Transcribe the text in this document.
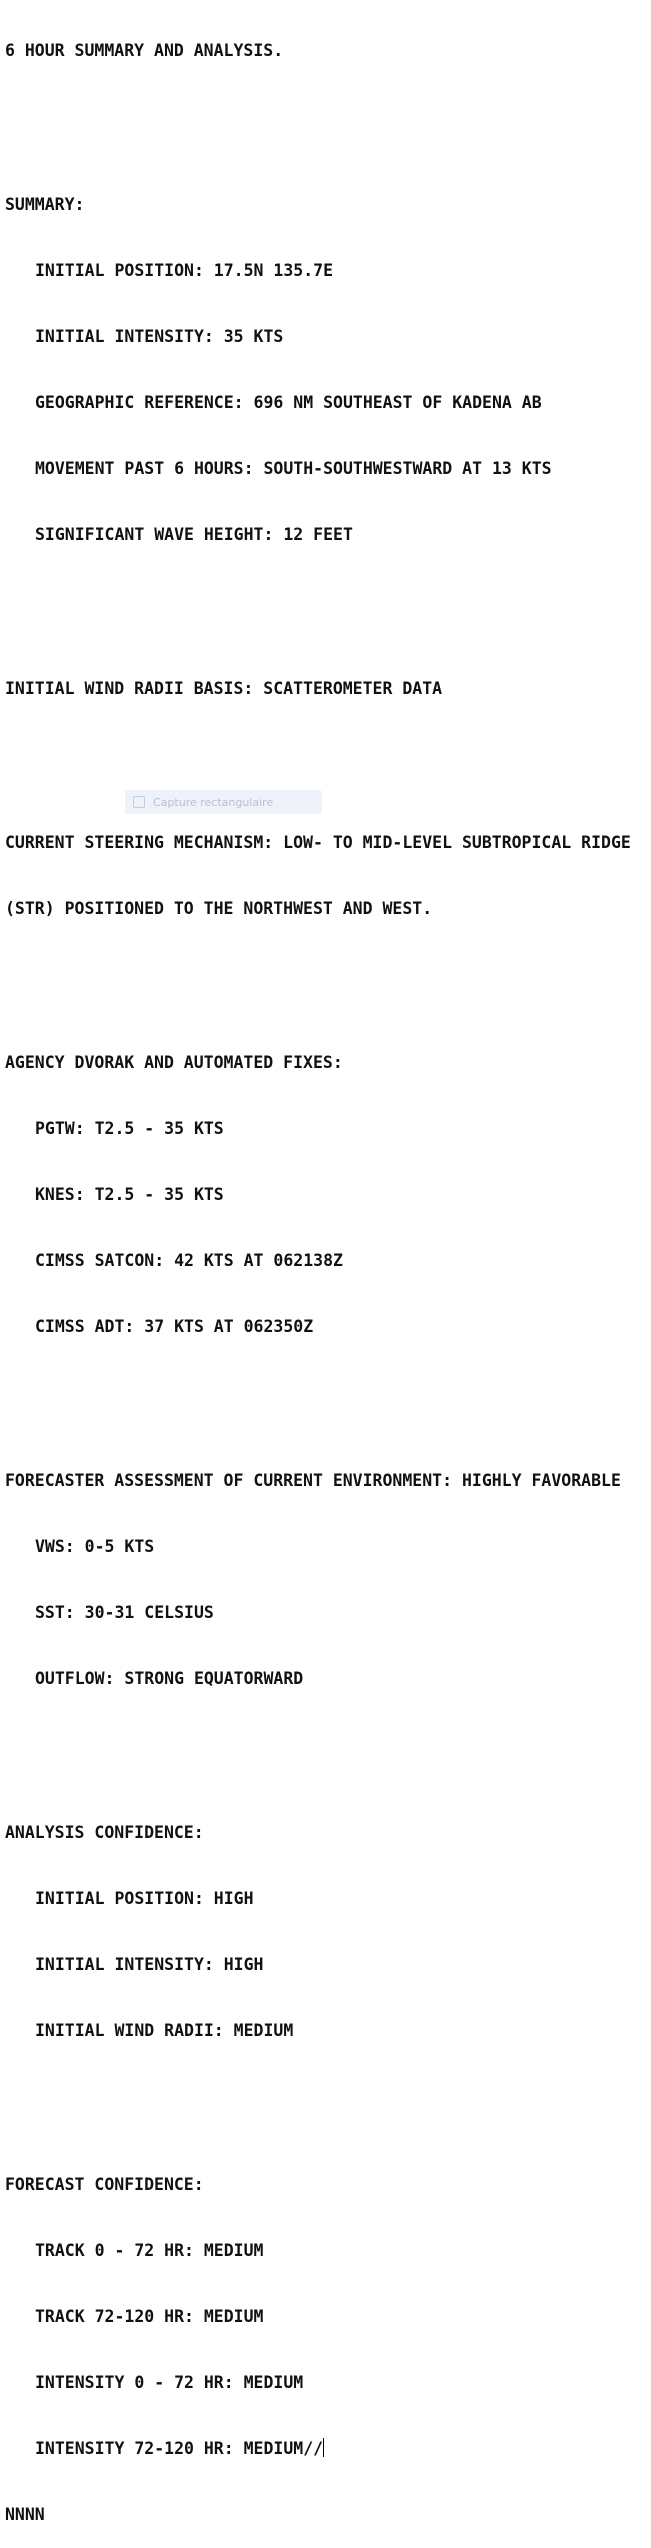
6 HOUR SUMMARY AND ANALYSIS.

SUMMARY:

INITIAL POSITION: 17.5N 135.7E

INITIAL INTENSITY: 35 KTS

GEOGRAPHIC REFERENCE: 696 NM SOUTHEAST OF KADENA AB

MOVEMENT PAST 6 HOURS: SOUTH-SOUTHWESTWARD AT 13 KTS

SIGNIFICANT WAVE HEIGHT: 12 FEET

INITIAL WIND RADII BASIS: SCATTEROMETER DATA

CURRENT STEERING MECHANISM: LOW- TO MID-LEVEL SUBTROPICAL RIDGE

(STR) POSITIONED TO THE NORTHWEST AND WEST.

AGENCY DVORAK AND AUTOMATED FIXES:

PGTW: T2.5 - 35 KTS

KNES: T2.5 - 35 KTS

CIMSS SATCON: 42 KTS AT 062138Z

CIMSS ADT: 37 KTS AT 062350Z

FORECASTER ASSESSMENT OF CURRENT ENVIRONMENT: HIGHLY FAVORABLE

VWS: 0-5 KTS

SST: 30-31 CELSIUS

OUTFLOW: STRONG EQUATORWARD

ANALYSIS CONFIDENCE:

INITIAL POSITION: HIGH

INITIAL INTENSITY: HIGH

INITIAL WIND RADII: MEDIUM

FORECAST CONFIDENCE:

TRACK 0 - 72 HR: MEDIUM

TRACK 72-120 HR: MEDIUM

INTENSITY 0 - 72 HR: MEDIUM

INTENSITY 72-120 HR: MEDIUM//

NNNN

Capture rectangulaire
